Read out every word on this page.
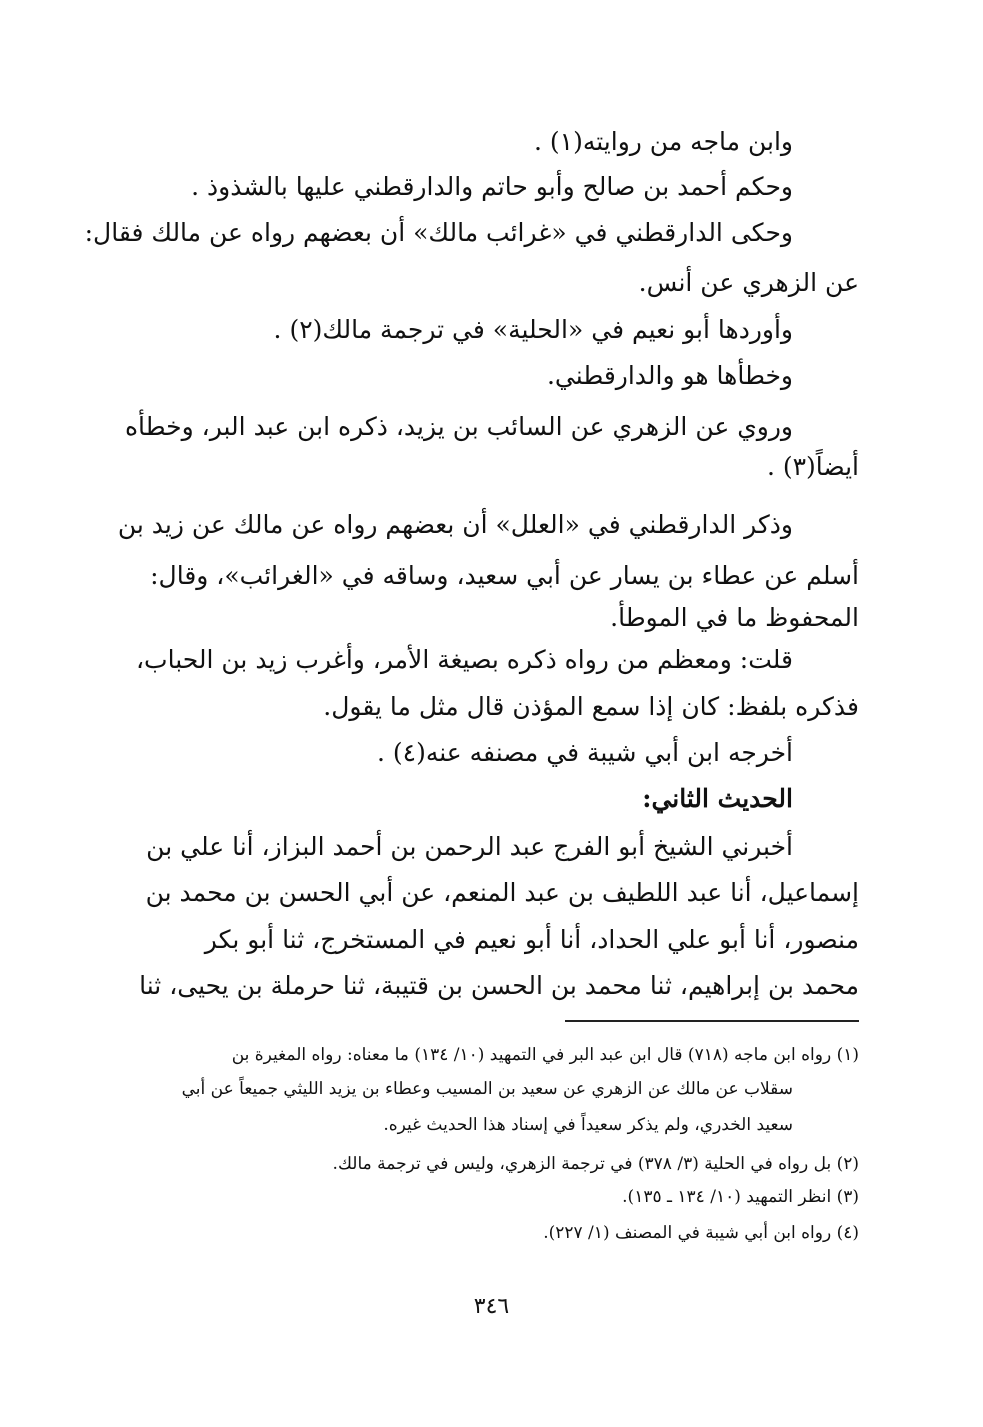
وابن ماجه من روايته(١) .
وحكم أحمد بن صالح وأبو حاتم والدارقطني عليها بالشذوذ .
وحكى الدارقطني في «غرائب مالك» أن بعضهم رواه عن مالك فقال:
عن الزهري عن أنس.
وأوردها أبو نعيم في «الحلية» في ترجمة مالك(٢) .
وخطأها هو والدارقطني.
وروي عن الزهري عن السائب بن يزيد، ذكره ابن عبد البر، وخطأه
أيضاً(٣) .
وذكر الدارقطني في «العلل» أن بعضهم رواه عن مالك عن زيد بن
أسلم عن عطاء بن يسار عن أبي سعيد، وساقه في «الغرائب»، وقال:
المحفوظ ما في الموطأ.
قلت: ومعظم من رواه ذكره بصيغة الأمر، وأغرب زيد بن الحباب،
فذكره بلفظ: كان إذا سمع المؤذن قال مثل ما يقول.
أخرجه ابن أبي شيبة في مصنفه عنه(٤) .
الحديث الثاني:
أخبرني الشيخ أبو الفرج عبد الرحمن بن أحمد البزاز، أنا علي بن
إسماعيل، أنا عبد اللطيف بن عبد المنعم، عن أبي الحسن بن محمد بن
منصور، أنا أبو علي الحداد، أنا أبو نعيم في المستخرج، ثنا أبو بكر
محمد بن إبراهيم، ثنا محمد بن الحسن بن قتيبة، ثنا حرملة بن يحيى، ثنا
(١) رواه ابن ماجه (٧١٨) قال ابن عبد البر في التمهيد (١٠/ ١٣٤) ما معناه: رواه المغيرة بن
سقلاب عن مالك عن الزهري عن سعيد بن المسيب وعطاء بن يزيد الليثي جميعاً عن أبي
سعيد الخدري، ولم يذكر سعيداً في إسناد هذا الحديث غيره.
(٢) بل رواه في الحلية (٣/ ٣٧٨) في ترجمة الزهري، وليس في ترجمة مالك.
(٣) انظر التمهيد (١٠/ ١٣٤ ـ ١٣٥).
(٤) رواه ابن أبي شيبة في المصنف (١/ ٢٢٧).
٣٤٦
